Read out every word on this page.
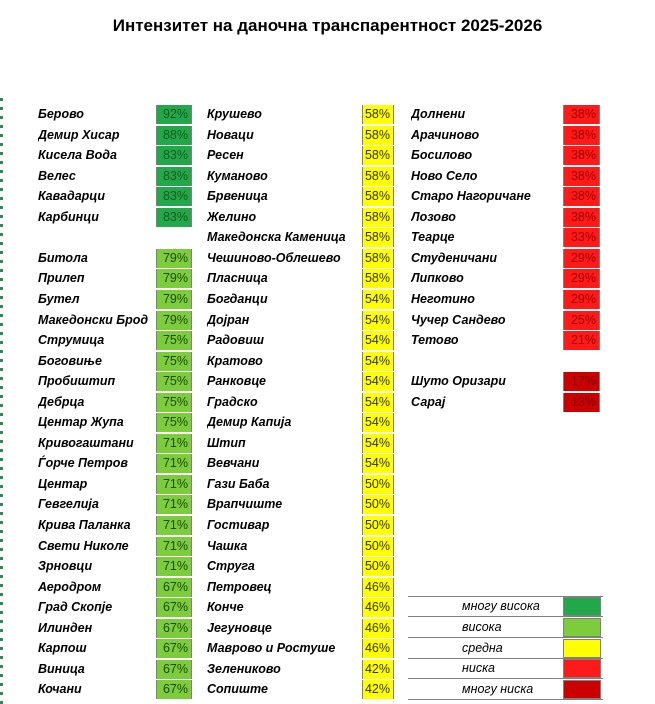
Интензитет на даночна транспарентност 2025-2026
Берово	92%
Демир Хисар	88%
Кисела Вода	83%
Велес	83%
Кавадарци	83%
Карбинци	83%
Битола	79%
Прилеп	79%
Бутел	79%
Македонски Брод	79%
Струмица	75%
Боговиње	75%
Пробиштип	75%
Дебрца	75%
Центар Жупа	75%
Кривогаштани	71%
Ѓорче Петров	71%
Центар	71%
Гевгелија	71%
Крива Паланка	71%
Свети Николе	71%
Зрновци	71%
Аеродром	67%
Град Скопје	67%
Илинден	67%
Карпош	67%
Виница	67%
Кочани	67%
Крушево	58%
Новаци	58%
Ресен	58%
Куманово	58%
Брвеница	58%
Желино	58%
Македонска Каменица	58%
Чешиново-Облешево	58%
Пласница	58%
Богданци	54%
Дојран	54%
Радовиш	54%
Кратово	54%
Ранковце	54%
Градско	54%
Демир Капија	54%
Штип	54%
Вевчани	54%
Гази Баба	50%
Врапчиште	50%
Гостивар	50%
Чашка	50%
Струга	50%
Петровец	46%
Конче	46%
Јегуновце	46%
Маврово и Ростуше	46%
Зелениково	42%
Сопиште	42%
Долнени	38%
Арачиново	38%
Босилово	38%
Ново Село	38%
Старо Нагоричане	38%
Лозово	38%
Теарце	33%
Студеничани	29%
Липково	29%
Неготино	29%
Чучер Сандево	25%
Тетово	21%
Шуто Оризари	17%
Сарај	13%
многу висока
висока
средна
ниска
многу ниска
